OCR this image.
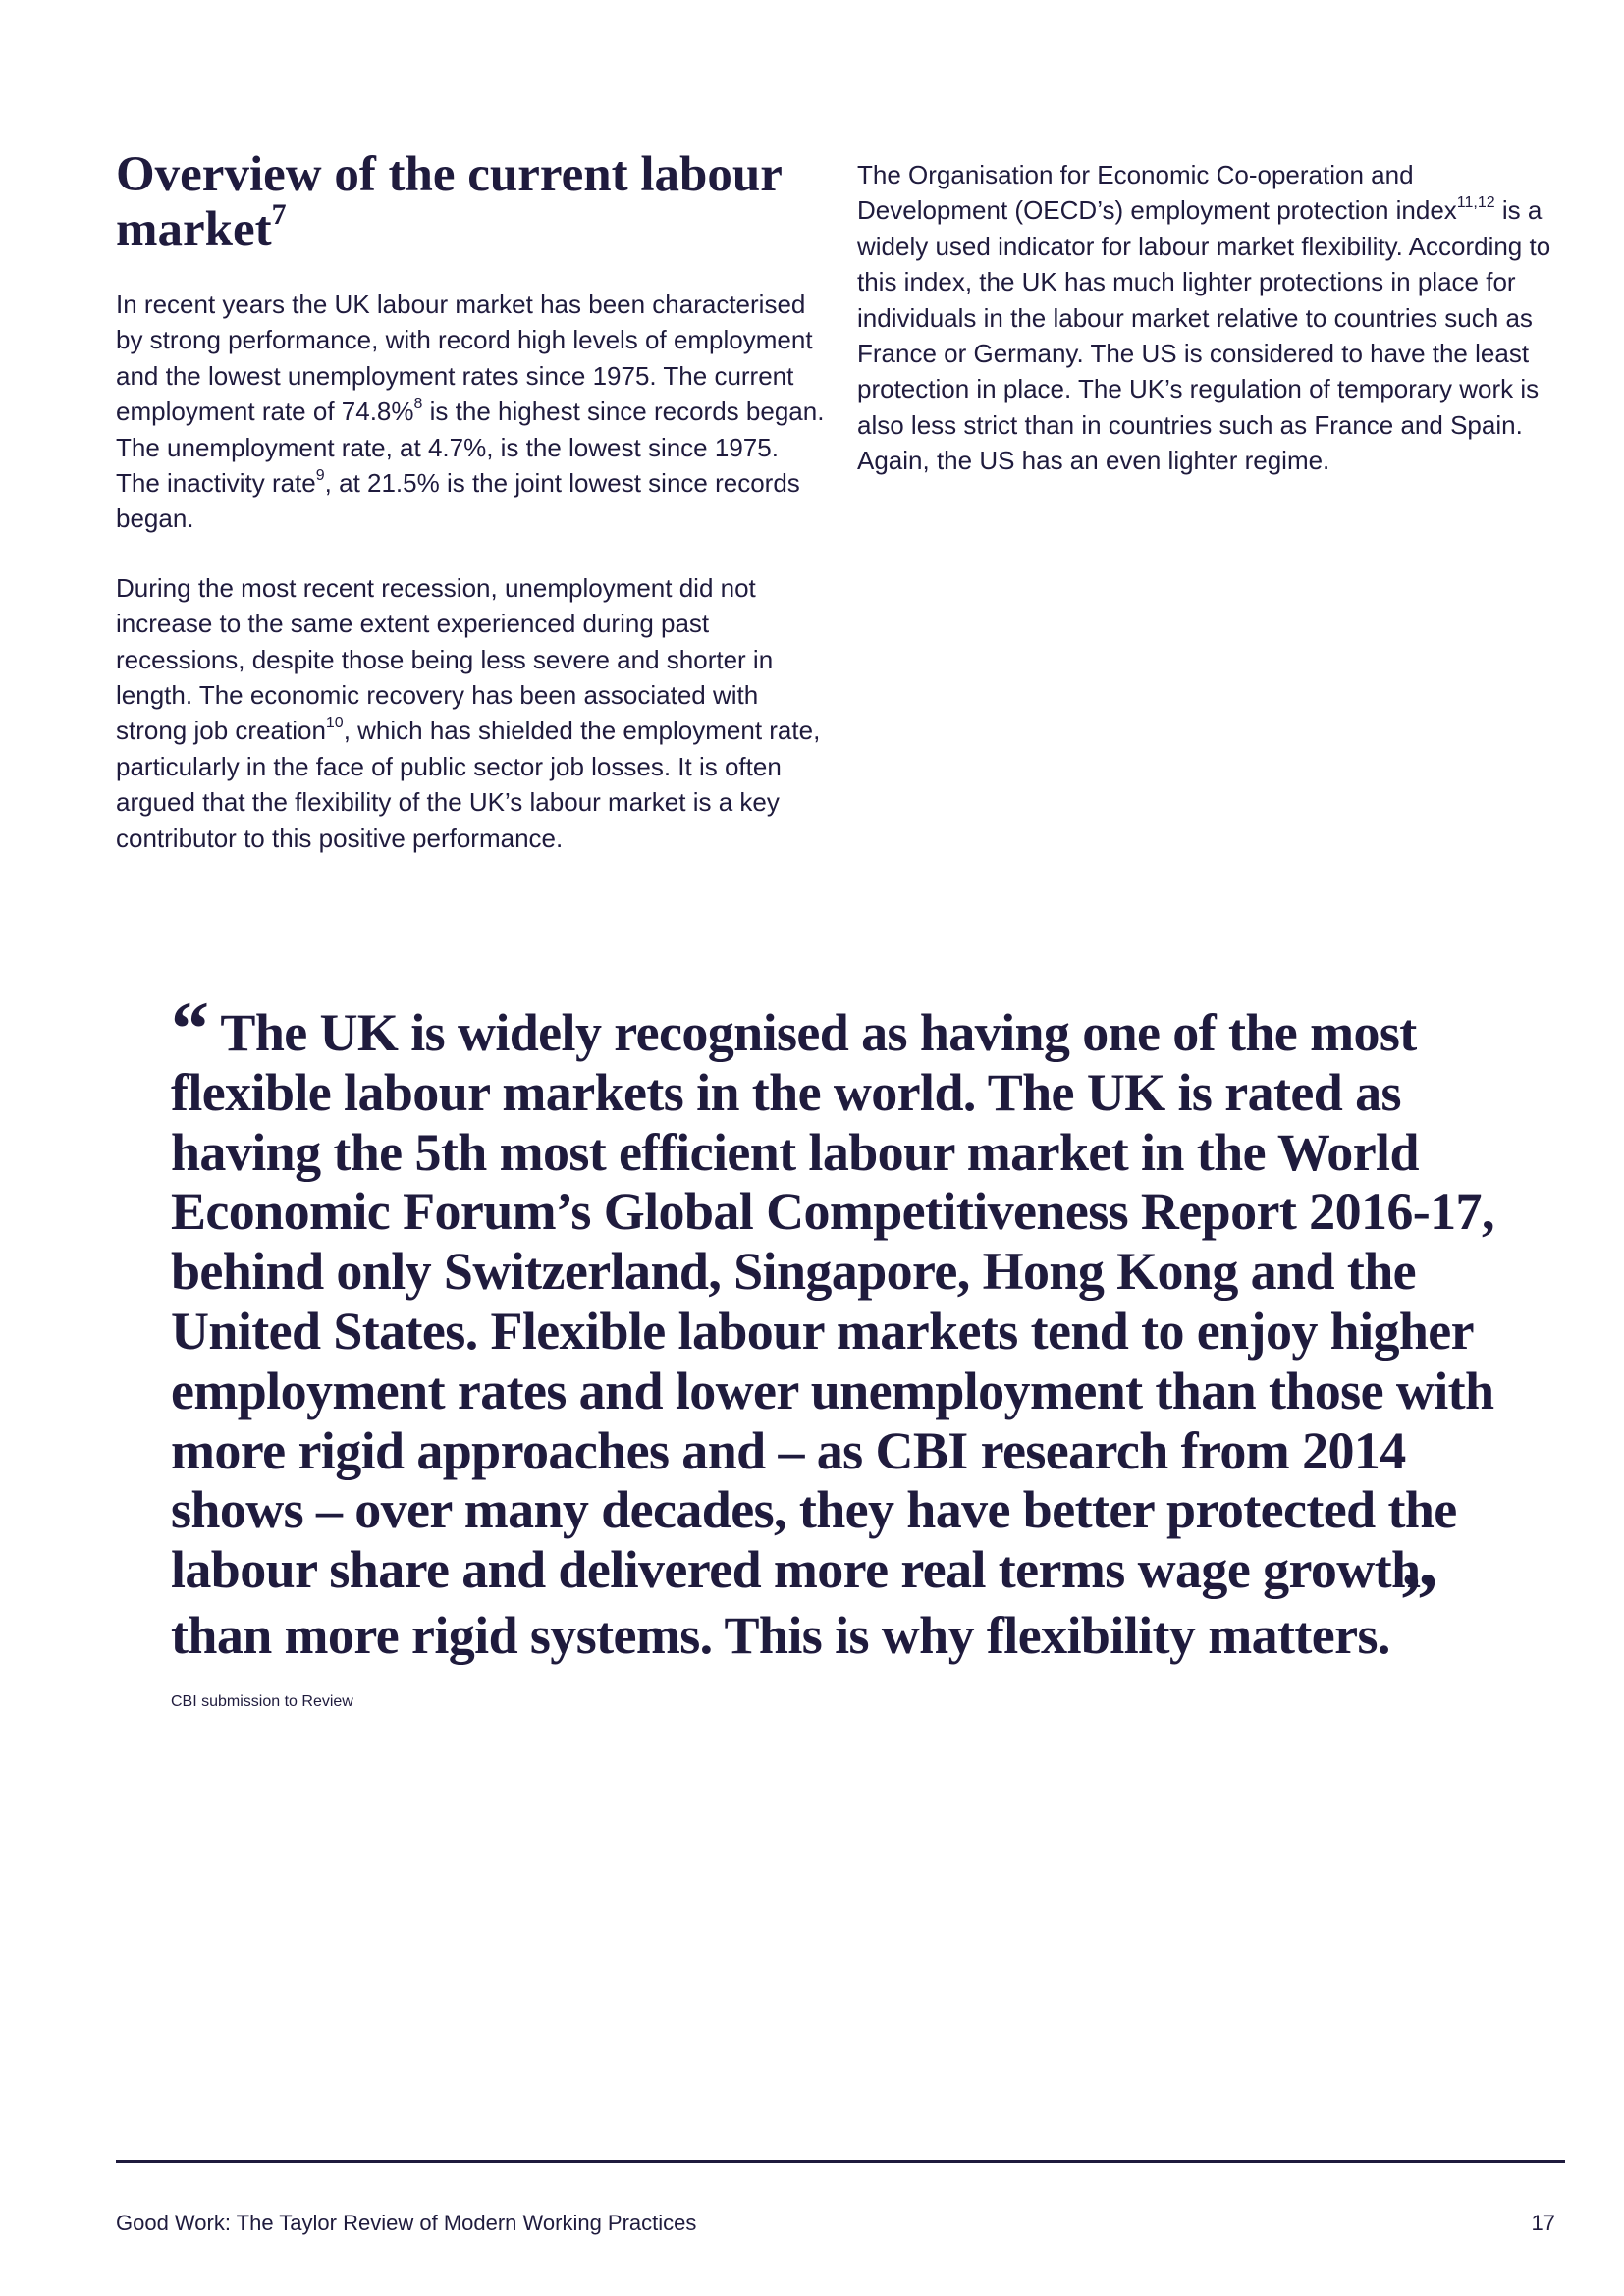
Overview of the current labour market$^7$

In recent years the UK labour market has been characterised by strong performance, with record high levels of employment and the lowest unemployment rates since 1975. The current employment rate of 74.8%$^8$ is the highest since records began. The unemployment rate, at 4.7%, is the lowest since 1975. The inactivity rate$^9$, at 21.5% is the joint lowest since records began.

During the most recent recession, unemployment did not increase to the same extent experienced during past recessions, despite those being less severe and shorter in length. The economic recovery has been associated with strong job creation$^{10}$, which has shielded the employment rate, particularly in the face of public sector job losses. It is often argued that the flexibility of the UK’s labour market is a key contributor to this positive performance.

The Organisation for Economic Co-operation and Development (OECD’s) employment protection index$^{11,12}$ is a widely used indicator for labour market flexibility. According to this index, the UK has much lighter protections in place for individuals in the labour market relative to countries such as France or Germany. The US is considered to have the least protection in place. The UK’s regulation of temporary work is also less strict than in countries such as France and Spain. Again, the US has an even lighter regime.

“ The UK is widely recognised as having one of the most flexible labour markets in the world. The UK is rated as having the 5th most efficient labour market in the World Economic Forum’s Global Competitiveness Report 2016-17, behind only Switzerland, Singapore, Hong Kong and the United States. Flexible labour markets tend to enjoy higher employment rates and lower unemployment than those with more rigid approaches and – as CBI research from 2014 shows – over many decades, they have better protected the labour share and delivered more real terms wage growth than more rigid systems. This is why flexibility matters. ”

CBI submission to Review
Good Work: The Taylor Review of Modern Working Practices	17
